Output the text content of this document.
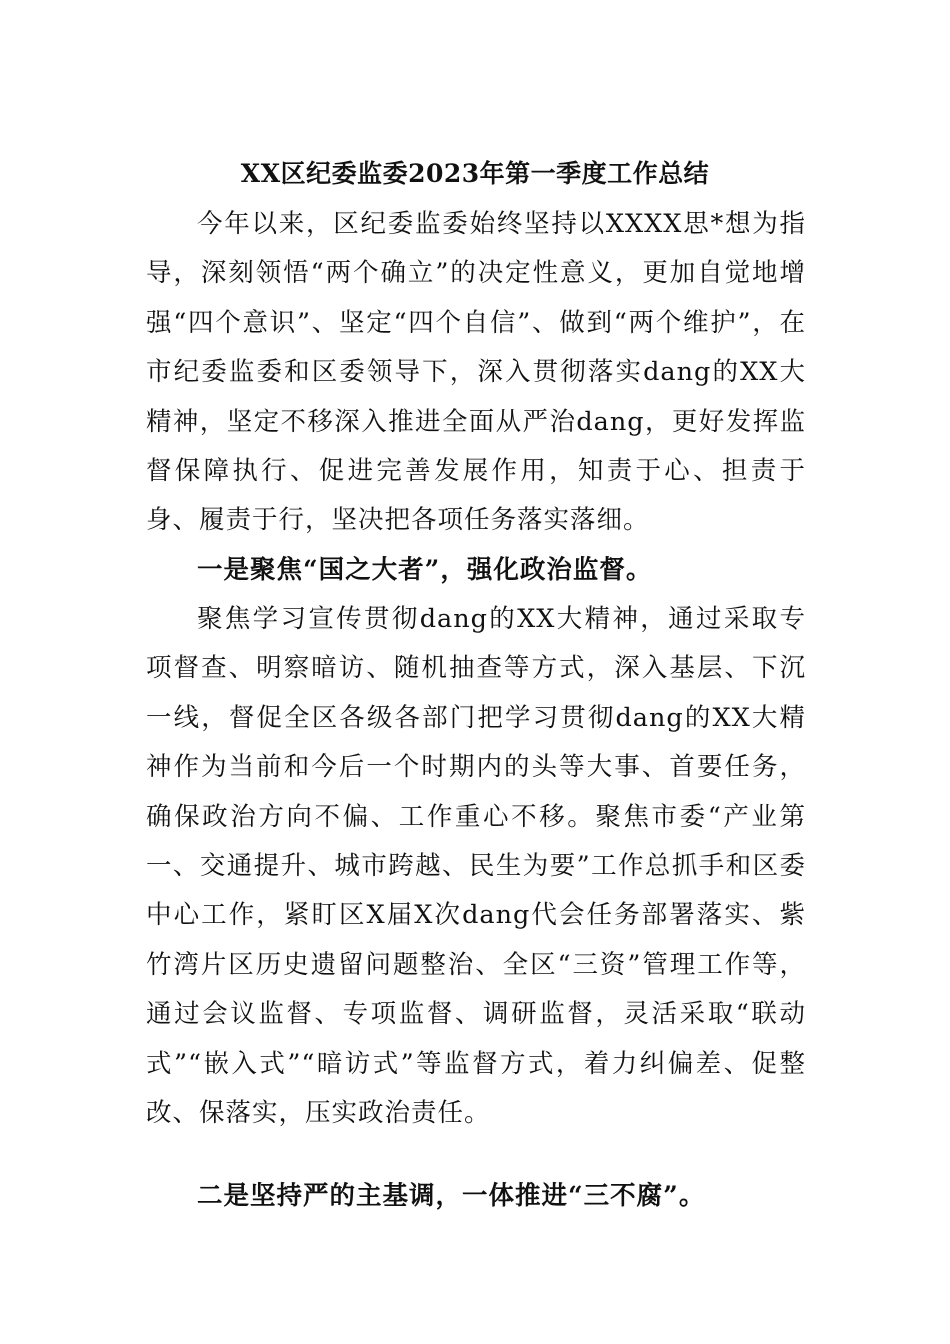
XX区纪委监委2023年第一季度工作总结

今年以来，区纪委监委始终坚持以XXXX思*想为指导，深刻领悟“两个确立”的决定性意义，更加自觉地增强“四个意识”、坚定“四个自信”、做到“两个维护”，在市纪委监委和区委领导下，深入贯彻落实dang的XX大精神，坚定不移深入推进全面从严治dang，更好发挥监督保障执行、促进完善发展作用，知责于心、担责于身、履责于行，坚决把各项任务落实落细。

一是聚焦“国之大者”，强化政治监督。

聚焦学习宣传贯彻dang的XX大精神，通过采取专项督查、明察暗访、随机抽查等方式，深入基层、下沉一线，督促全区各级各部门把学习贯彻dang的XX大精神作为当前和今后一个时期内的头等大事、首要任务，确保政治方向不偏、工作重心不移。聚焦市委“产业第一、交通提升、城市跨越、民生为要”工作总抓手和区委中心工作，紧盯区X届X次dang代会任务部署落实、紫竹湾片区历史遗留问题整治、全区“三资”管理工作等，通过会议监督、专项监督、调研监督，灵活采取“联动式”“嵌入式”“暗访式”等监督方式，着力纠偏差、促整改、保落实，压实政治责任。

二是坚持严的主基调，一体推进“三不腐”。
